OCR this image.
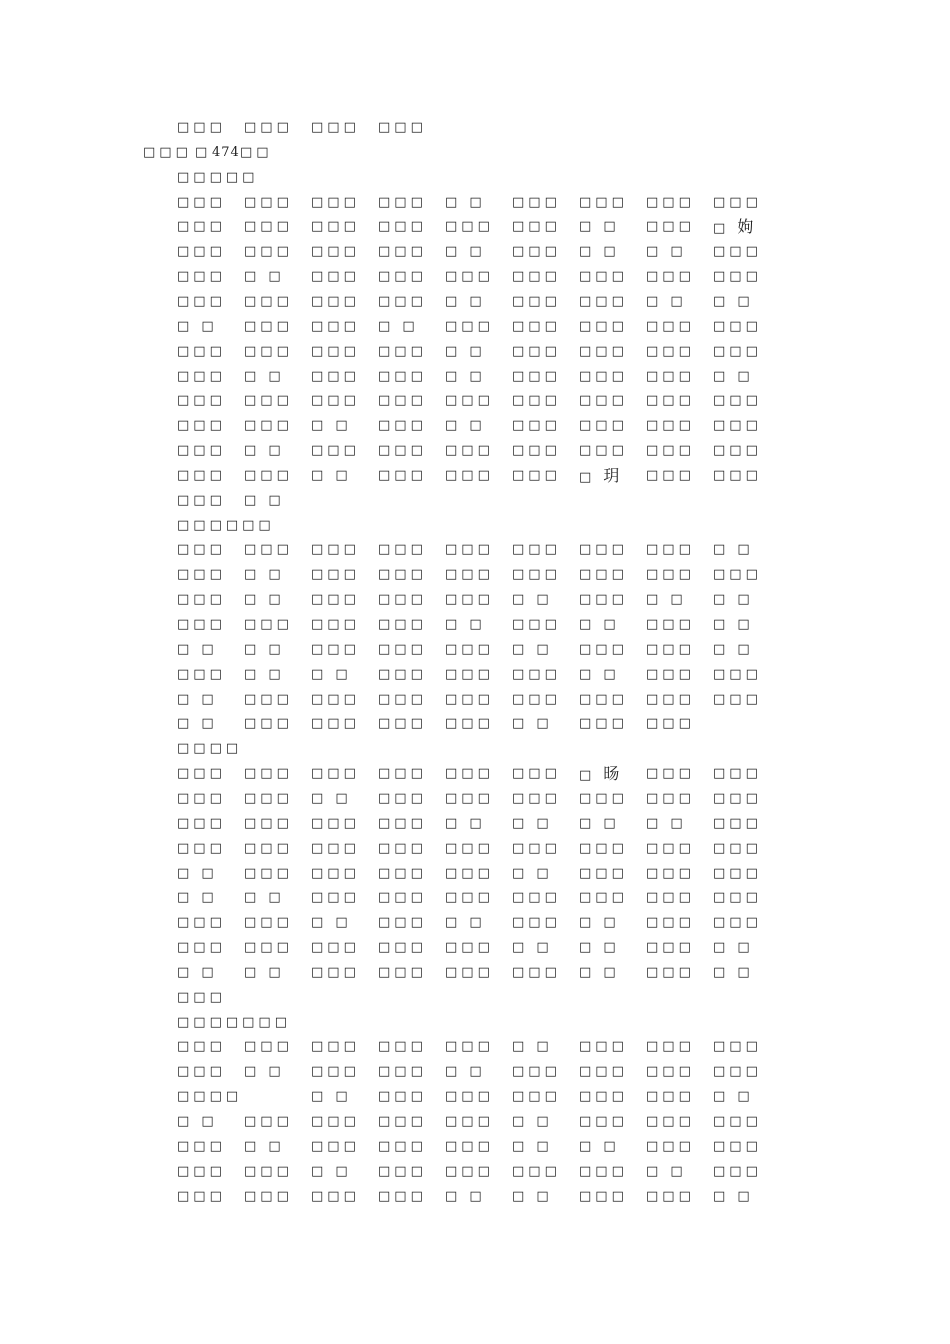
□□□ □□□ □□□ □□□
□□□ □ 474 □□
□□□□□
□□□ □□□ □□□ □□□ □ □ □□□ □□□ □□□ □□□
□□□ □□□ □□□ □□□ □□□ □□□ □ □ □□□ □ 姁
□□□ □□□ □□□ □□□ □ □ □□□ □ □ □ □ □□□
□□□ □ □ □□□ □□□ □□□ □□□ □□□ □□□ □□□
□□□ □□□ □□□ □□□ □ □ □□□ □□□ □ □ □ □
□ □ □□□ □□□ □ □ □□□ □□□ □□□ □□□ □□□
□□□ □□□ □□□ □□□ □ □ □□□ □□□ □□□ □□□
□□□ □ □ □□□ □□□ □ □ □□□ □□□ □□□ □ □
□□□ □□□ □□□ □□□ □□□ □□□ □□□ □□□ □□□
□□□ □□□ □ □ □□□ □ □ □□□ □□□ □□□ □□□
□□□ □ □ □□□ □□□ □□□ □□□ □□□ □□□ □□□
□□□ □□□ □ □ □□□ □□□ □□□ □ 玥 □□□ □□□
□□□ □ □
□□□□□□
□□□ □□□ □□□ □□□ □□□ □□□ □□□ □□□ □ □
□□□ □ □ □□□ □□□ □□□ □□□ □□□ □□□ □□□
□□□ □ □ □□□ □□□ □□□ □ □ □□□ □ □ □ □
□□□ □□□ □□□ □□□ □ □ □□□ □ □ □□□ □ □
□ □ □ □ □□□ □□□ □□□ □ □ □□□ □□□ □ □
□□□ □ □ □ □ □□□ □□□ □□□ □ □ □□□ □□□
□ □ □□□ □□□ □□□ □□□ □□□ □□□ □□□ □□□
□ □ □□□ □□□ □□□ □□□ □ □ □□□ □□□
□□□□
□□□ □□□ □□□ □□□ □□□ □□□ □ 旸 □□□ □□□
□□□ □□□ □ □ □□□ □□□ □□□ □□□ □□□ □□□
□□□ □□□ □□□ □□□ □ □ □ □ □ □ □ □ □□□
□□□ □□□ □□□ □□□ □□□ □□□ □□□ □□□ □□□
□ □ □□□ □□□ □□□ □□□ □ □ □□□ □□□ □□□
□ □ □ □ □□□ □□□ □□□ □□□ □□□ □□□ □□□
□□□ □□□ □ □ □□□ □ □ □□□ □ □ □□□ □□□
□□□ □□□ □□□ □□□ □□□ □ □ □ □ □□□ □ □
□ □ □ □ □□□ □□□ □□□ □□□ □ □ □□□ □ □
□□□
□□□□□□□
□□□ □□□ □□□ □□□ □□□ □ □ □□□ □□□ □□□
□□□ □ □ □□□ □□□ □ □ □□□ □□□ □□□ □□□
□□□□	□ □ □□□ □□□ □□□ □□□ □□□ □ □
□ □ □□□ □□□ □□□ □□□ □ □ □□□ □□□ □□□
□□□ □ □ □□□ □□□ □□□ □ □ □ □ □□□ □□□
□□□ □□□ □ □ □□□ □□□ □□□ □□□ □ □ □□□
□□□ □□□ □□□ □□□ □ □ □ □ □□□ □□□ □ □
